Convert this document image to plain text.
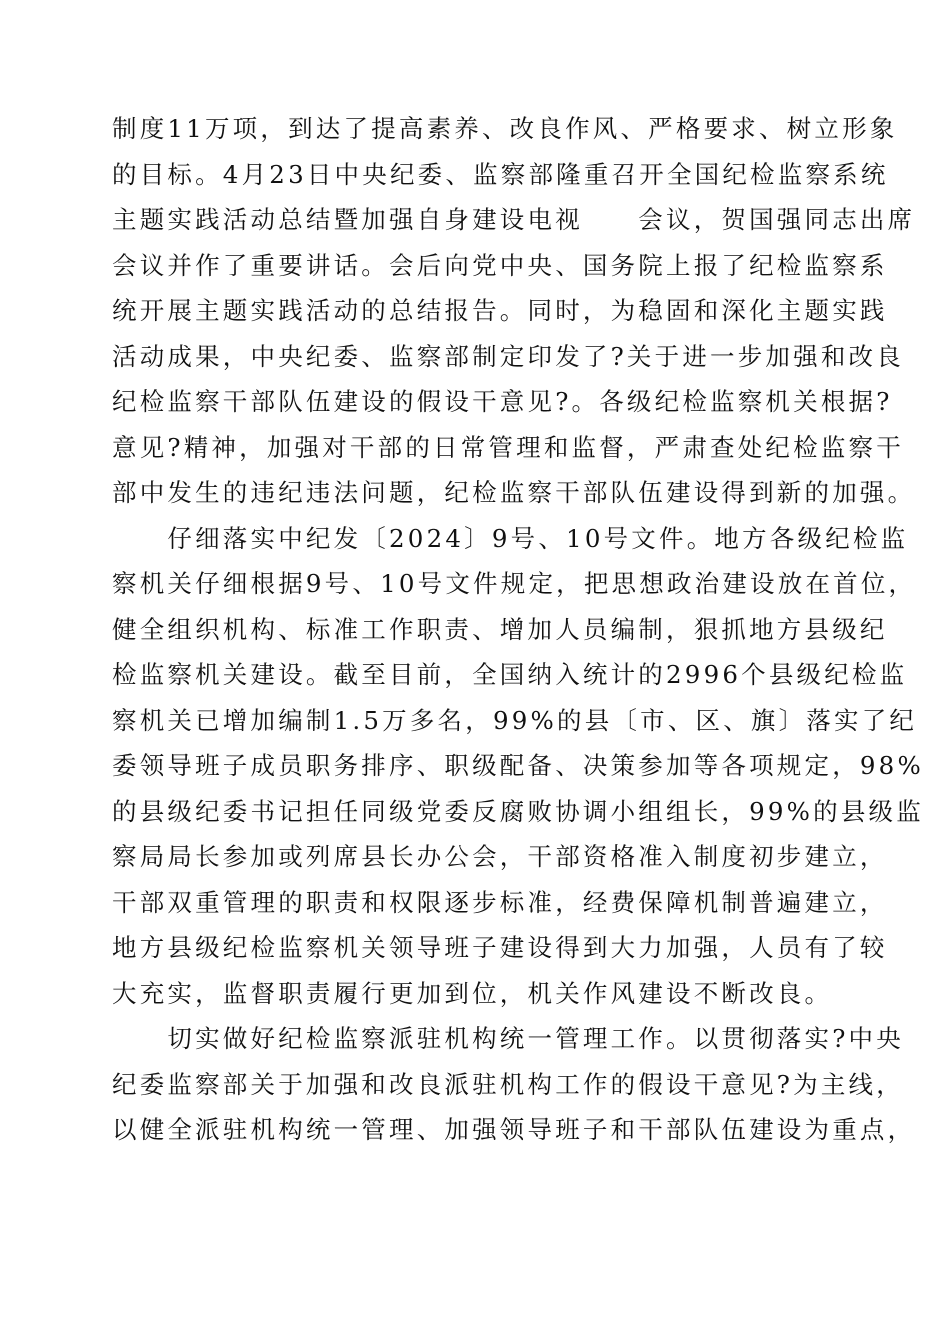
制度11万项，到达了提高素养、改良作风、严格要求、树立形象
的目标。4月23日中央纪委、监察部隆重召开全国纪检监察系统
主题实践活动总结暨加强自身建设电视　　会议，贺国强同志出席
会议并作了重要讲话。会后向党中央、国务院上报了纪检监察系
统开展主题实践活动的总结报告。同时，为稳固和深化主题实践
活动成果，中央纪委、监察部制定印发了?关于进一步加强和改良
纪检监察干部队伍建设的假设干意见?。各级纪检监察机关根据?
意见?精神，加强对干部的日常管理和监督，严肃查处纪检监察干
部中发生的违纪违法问题，纪检监察干部队伍建设得到新的加强。
　　仔细落实中纪发〔2024〕9号、10号文件。地方各级纪检监
察机关仔细根据9号、10号文件规定，把思想政治建设放在首位，
健全组织机构、标准工作职责、增加人员编制，狠抓地方县级纪
检监察机关建设。截至目前，全国纳入统计的2996个县级纪检监
察机关已增加编制1.5万多名，99%的县〔市、区、旗〕落实了纪
委领导班子成员职务排序、职级配备、决策参加等各项规定，98%
的县级纪委书记担任同级党委反腐败协调小组组长，99%的县级监
察局局长参加或列席县长办公会，干部资格准入制度初步建立，
干部双重管理的职责和权限逐步标准，经费保障机制普遍建立，
地方县级纪检监察机关领导班子建设得到大力加强，人员有了较
大充实，监督职责履行更加到位，机关作风建设不断改良。
　　切实做好纪检监察派驻机构统一管理工作。以贯彻落实?中央
纪委监察部关于加强和改良派驻机构工作的假设干意见?为主线，
以健全派驻机构统一管理、加强领导班子和干部队伍建设为重点，
